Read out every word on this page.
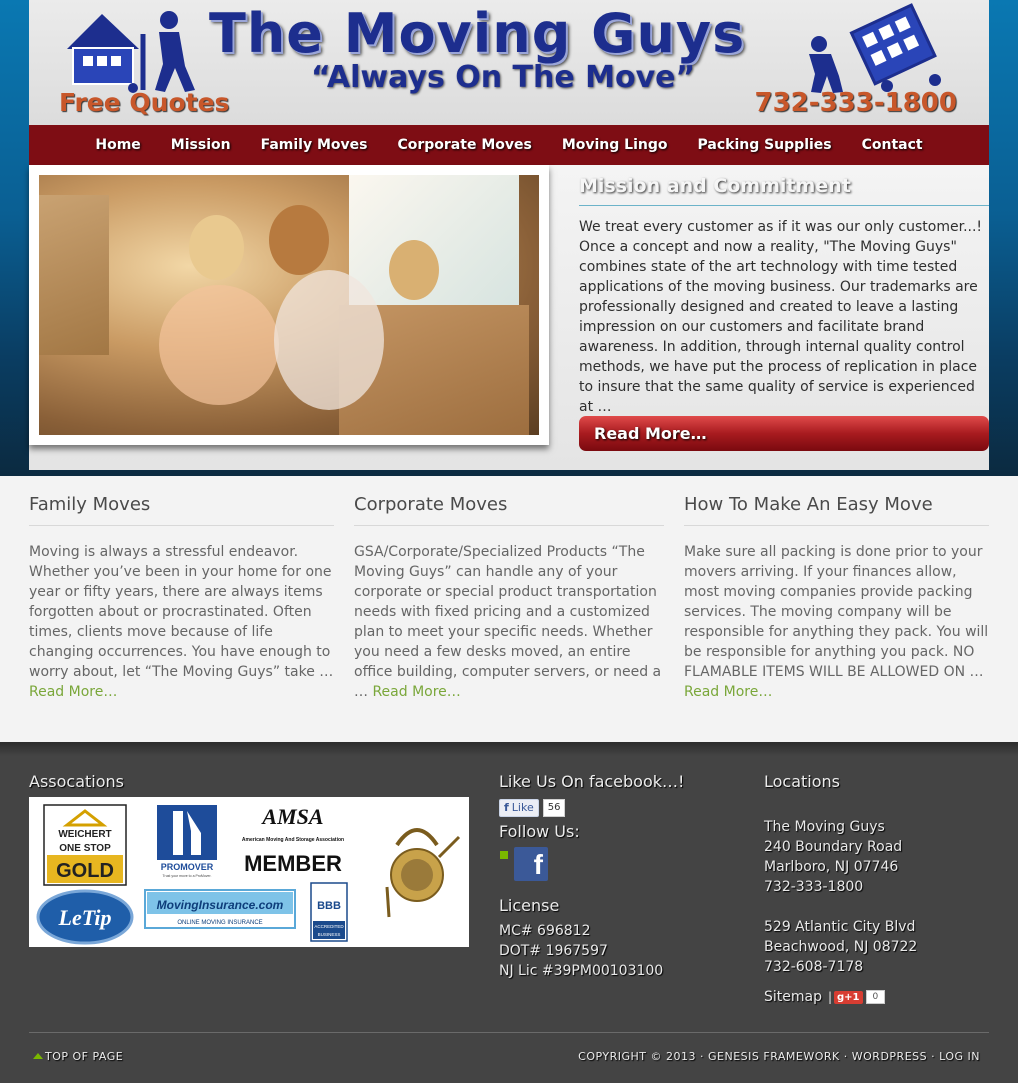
The Moving Guys
“Always On The Move”
Free Quotes	732-333-1800
Home	Mission	Family Moves	Corporate Moves	Moving Lingo	Packing Supplies	Contact
Mission and Commitment
We treat every customer as if it was our only customer...! Once a concept and now a reality, "The Moving Guys" combines state of the art technology with time tested applications of the moving business. Our trademarks are professionally designed and created to leave a lasting impression on our customers and facilitate brand awareness. In addition, through internal quality control methods, we have put the process of replication in place to insure that the same quality of service is experienced at …
Read More…
Family Moves

Moving is always a stressful endeavor. Whether you’ve been in your home for one year or fifty years, there are always items forgotten about or procrastinated. Often times, clients move because of life changing occurrences. You have enough to worry about, let “The Moving Guys” take … Read More…

Corporate Moves

GSA/Corporate/Specialized Products “The Moving Guys” can handle any of your corporate or special product transportation needs with fixed pricing and a customized plan to meet your specific needs. Whether you need a few desks moved, an entire office building, computer servers, or need a … Read More…

How To Make An Easy Move

Make sure all packing is done prior to your movers arriving. If your finances allow, most moving companies provide packing services. The moving company will be responsible for anything they pack. You will be responsible for anything you pack. NO FLAMABLE ITEMS WILL BE ALLOWED ON … Read More…

Assocations
WEICHERT
ONE STOP
GOLD	PROMOVER
Trust your move to a ProMover.
AMSA
American Moving And Storage Association
MEMBER
LeTip	MovingInsurance.com
ONLINE MOVING INSURANCE
BBB
ACCREDITED
BUSINESS
Like Us On facebook…!
f Like	56
Follow Us:
f
License
MC# 696812
DOT# 1967597
NJ Lic #39PM00103100
Locations
The Moving Guys
240 Boundary Road
Marlboro, NJ 07746
732-333-1800
529 Atlantic City Blvd
Beachwood, NJ 08722
732-608-7178
Sitemap | g+1	0
TOP OF PAGE	COPYRIGHT © 2013 · GENESIS FRAMEWORK · WORDPRESS · LOG IN
